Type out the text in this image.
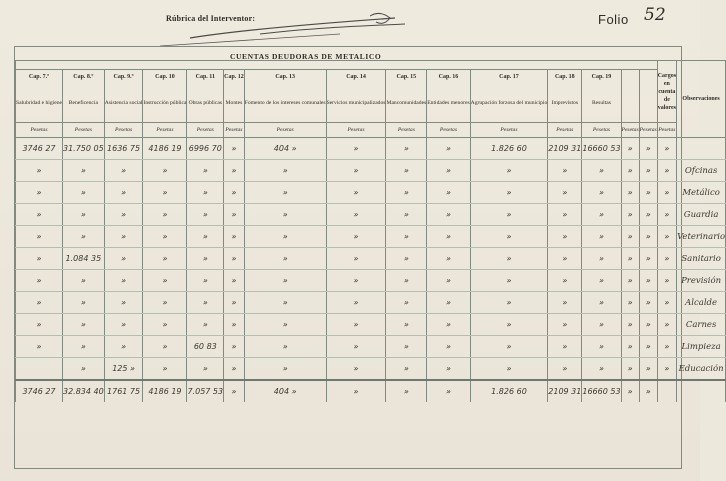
Rúbrica del Interventor:	Folio 52
															Cargos en cuenta de valores	Observaciones
Cap. 7.º	Cap. 8.º	Cap. 9.º	Cap. 10	Cap. 11	Cap. 12	Cap. 13	Cap. 14	Cap. 15	Cap. 16	Cap. 17	Cap. 18	Cap. 19				
Salubridad e higiene	Beneficencia	Asistencia social	Instrucción pública	Obras públicas	Montes	Fomento de los intereses comunales	Servicios municipalizados	Mancomunidades	Entidades menores	Agrupación forzosa del municipio	Imprevistos	Resultas				
Pesetas	Pesetas	Pesetas	Pesetas	Pesetas	Pesetas	Pesetas	Pesetas	Pesetas	Pesetas	Pesetas	Pesetas	Pesetas	Pesetas	Pesetas	Pesetas	
3746 27	31.750 05	1636 75	4186 19	6996 70	»	404 »	»	»	»	1.826 60	2109 31	16660 53	»	»	»	
»	»	»	»	»	»	»	»	»	»	»	»	»	»	»	»	Ofcinas
»	»	»	»	»	»	»	»	»	»	»	»	»	»	»	»	Metálico
»	»	»	»	»	»	»	»	»	»	»	»	»	»	»	»	Guardia
»	»	»	»	»	»	»	»	»	»	»	»	»	»	»	»	Veterinario
»	1.084 35	»	»	»	»	»	»	»	»	»	»	»	»	»	»	Sanitario
»	»	»	»	»	»	»	»	»	»	»	»	»	»	»	»	Previsión
»	»	»	»	»	»	»	»	»	»	»	»	»	»	»	»	Alcalde
»	»	»	»	»	»	»	»	»	»	»	»	»	»	»	»	Carnes
»	»	»	»	60 83	»	»	»	»	»	»	»	»	»	»	»	Limpieza
	»	125 »	»	»	»	»	»	»	»	»	»	»	»	»	»	Educación
3746 27	32.834 40	1761 75	4186 19	7.057 53	»	404 »	»	»	»	1.826 60	2109 31	16660 53	»	»		
CUENTAS DEUDORAS DE METALICO
